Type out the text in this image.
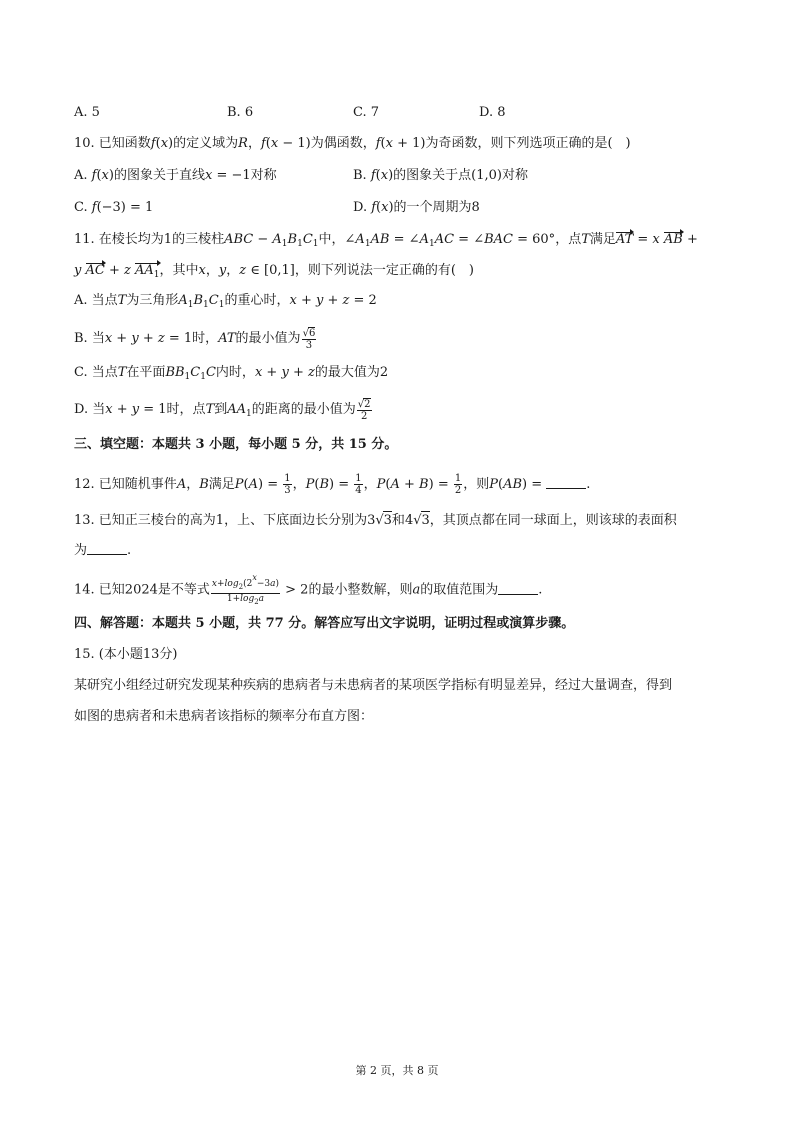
A. 5	B. 6	C. 7	D. 8
10. 已知函数f(x)的定义域为R，f(x − 1)为偶函数，f(x + 1)为奇函数，则下列选项正确的是(　)
A. f(x)的图象关于直线x = −1对称	B. f(x)的图象关于点(1,0)对称
C. f(−3) = 1	D. f(x)的一个周期为8
11. 在棱长均为1的三棱柱ABC − $A_1B_1C_1$中，$\angle A_1AB$ = $\angle A_1AC$ = ∠BAC = 60°，点T满足AT = x AB +
y AC + z $AA_1$，其中x，y，z ∈ [0,1]，则下列说法一定正确的有(　)
A. 当点T为三角形$A_1B_1C_1$的重心时，x + y + z = 2
B. 当x + y + z = 1时，AT的最小值为 $\frac{√6}{3}$
C. 当点T在平面$BB_1C_1C$内时，x + y + z的最大值为2
D. 当x + y = 1时，点T到$AA_1$的距离的最小值为 $\frac{√2}{2}$
三、填空题：本题共 3 小题，每小题 5 分，共 15 分。
12. 已知随机事件A，B满足$P(A) = \frac{1}{3}$ ，$P(B) = \frac{1}{4}$ ，$P(A + B) = \frac{1}{2}$ ，则P(AB) =	.
13. 已知正三棱台的高为1，上、下底面边长分别为3√3和4√3，其顶点都在同一球面上，则该球的表面积
为	.
14. 已知2024是不等式 $\frac{x+\log_2(2x-3a)}{1+\log_2a} > 2$的最小整数解，则a的取值范围为	.
四、解答题：本题共 5 小题，共 77 分。解答应写出文字说明，证明过程或演算步骤。
15. (本小题13分)
某研究小组经过研究发现某种疾病的患病者与未患病者的某项医学指标有明显差异，经过大量调查，得到
如图的患病者和未患病者该指标的频率分布直方图：
第 2 页，共 8 页
